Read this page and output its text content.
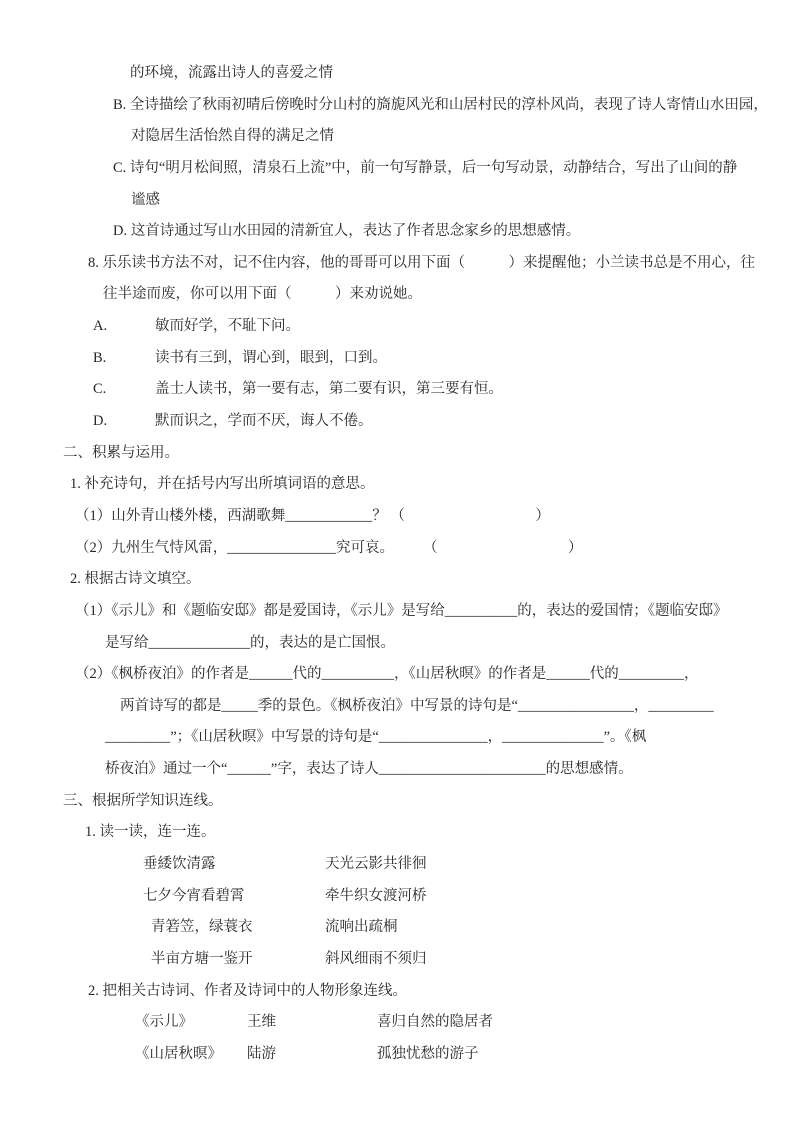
的环境，流露出诗人的喜爱之情
B. 全诗描绘了秋雨初晴后傍晚时分山村的旖旎风光和山居村民的淳朴风尚，表现了诗人寄情山水田园，
对隐居生活怡然自得的满足之情
C. 诗句“明月松间照，清泉石上流”中，前一句写静景，后一句写动景，动静结合，写出了山间的静
谧感
D. 这首诗通过写山水田园的清新宜人，表达了作者思念家乡的思想感情。
8. 乐乐读书方法不对，记不住内容，他的哥哥可以用下面（　　　）来提醒他；小兰读书总是不用心，往
往半途而废，你可以用下面（　　　）来劝说她。
A.	敏而好学，不耻下问。
B.	读书有三到，谓心到，眼到，口到。
C.	盖士人读书，第一要有志，第二要有识，第三要有恒。
D.	默而识之，学而不厌，诲人不倦。
二、积累与运用。
1. 补充诗句，并在括号内写出所填词语的意思。
（1）山外青山楼外楼，西湖歌舞____________？ （　　　　　　　　　）
（2）九州生气恃风雷，_______________究可哀。　　　（　　　　　　　　　）
2. 根据古诗文填空。
（1）《示儿》和《题临安邸》都是爱国诗，《示儿》是写给__________的，表达的爱国情；《题临安邸》
是写给______________的，表达的是亡国恨。
（2）《枫桥夜泊》的作者是______代的__________，《山居秋暝》的作者是______代的_________，
两首诗写的都是_____季的景色。《枫桥夜泊》中写景的诗句是“________________，_________
_________”；《山居秋暝》中写景的诗句是“_______________，______________”。《枫
桥夜泊》通过一个“______”字，表达了诗人_______________________的思想感情。
三、根据所学知识连线。
1. 读一读，连一连。
垂緌饮清露	天光云影共徘徊
七夕今宵看碧霄	牵牛织女渡河桥
青箬笠，绿蓑衣	流响出疏桐
半亩方塘一鉴开	斜风细雨不须归
2. 把相关古诗词、作者及诗词中的人物形象连线。
《示儿》	王维	喜归自然的隐居者
《山居秋暝》 陆游	孤独忧愁的游子
